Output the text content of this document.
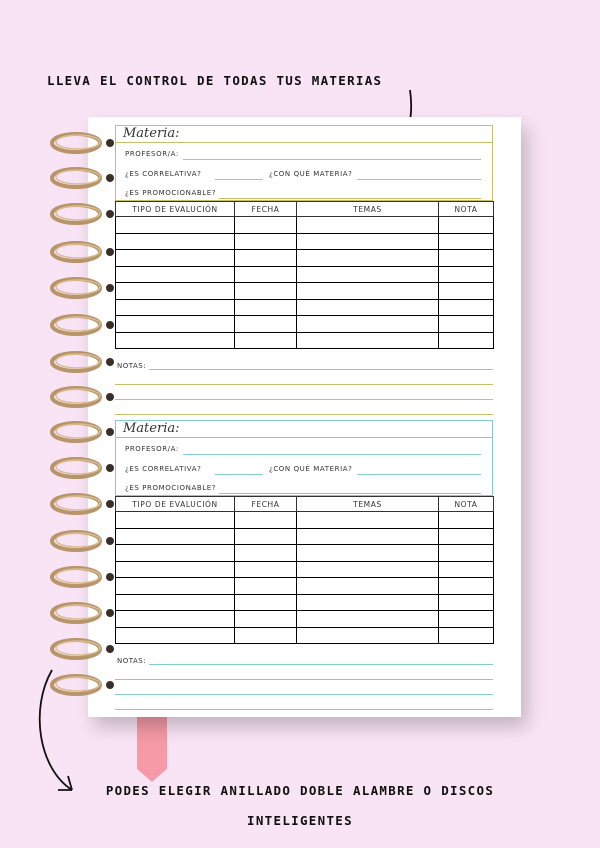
LLEVA EL CONTROL DE TODAS TUS MATERIAS
Materia:
PROFESOR/A:
¿ES CORRELATIVA?	¿CON QUÉ MATERIA?
¿ES PROMOCIONABLE?
TIPO DE EVALUCIÓN	FECHA	TEMAS	NOTA

NOTAS:
Materia:
PROFESOR/A:
¿ES CORRELATIVA?	¿CON QUÉ MATERIA?
¿ES PROMOCIONABLE?
TIPO DE EVALUCIÓN	FECHA	TEMAS	NOTA

NOTAS:
PODES ELEGIR ANILLADO DOBLE ALAMBRE O DISCOS
INTELIGENTES
